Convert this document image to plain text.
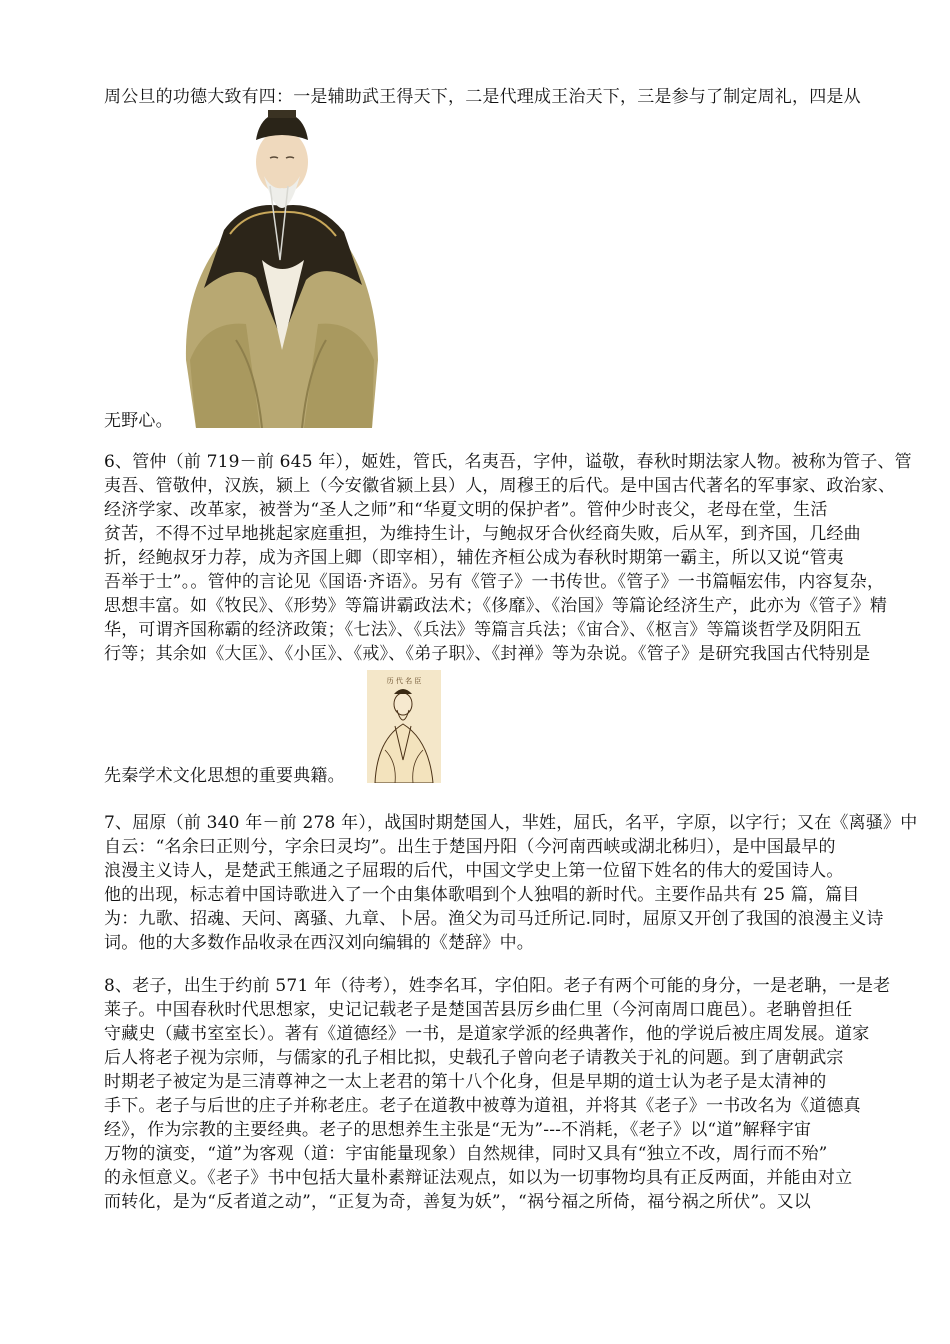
周公旦的功德大致有四：一是辅助武王得天下，二是代理成王治天下，三是参与了制定周礼，四是从
无野心。
6、管仲（前 719－前 645 年），姬姓，管氏，名夷吾，字仲，谥敬，春秋时期法家人物。被称为管子、管
夷吾、管敬仲，汉族，颍上（今安徽省颍上县）人，周穆王的后代。是中国古代著名的军事家、政治家、
经济学家、改革家，被誉为“圣人之师”和“华夏文明的保护者”。管仲少时丧父，老母在堂，生活
贫苦，不得不过早地挑起家庭重担，为维持生计，与鲍叔牙合伙经商失败，后从军，到齐国，几经曲
折，经鲍叔牙力荐，成为齐国上卿（即宰相），辅佐齐桓公成为春秋时期第一霸主，所以又说“管夷
吾举于士”。。管仲的言论见《国语·齐语》。另有《管子》一书传世。《管子》一书篇幅宏伟，内容复杂，
思想丰富。如《牧民》、《形势》等篇讲霸政法术；《侈靡》、《治国》等篇论经济生产，此亦为《管子》精
华，可谓齐国称霸的经济政策；《七法》、《兵法》等篇言兵法；《宙合》、《枢言》等篇谈哲学及阴阳五
行等；其余如《大匡》、《小匡》、《戒》、《弟子职》、《封禅》等为杂说。《管子》是研究我国古代特别是
先秦学术文化思想的重要典籍。
7、屈原（前 340 年－前 278 年），战国时期楚国人，芈姓，屈氏，名平，字原，以字行；又在《离骚》中
自云：“名余曰正则兮，字余曰灵均”。出生于楚国丹阳（今河南西峡或湖北秭归），是中国最早的
浪漫主义诗人，是楚武王熊通之子屈瑕的后代，中国文学史上第一位留下姓名的伟大的爱国诗人。
他的出现，标志着中国诗歌进入了一个由集体歌唱到个人独唱的新时代。主要作品共有 25 篇，篇目
为：九歌、招魂、天问、离骚、九章、卜居。渔父为司马迁所记.同时，屈原又开创了我国的浪漫主义诗
词。他的大多数作品收录在西汉刘向编辑的《楚辞》中。
8、老子，出生于约前 571 年（待考），姓李名耳，字伯阳。老子有两个可能的身分，一是老聃，一是老
莱子。中国春秋时代思想家，史记记载老子是楚国苦县厉乡曲仁里（今河南周口鹿邑）。老聃曾担任
守藏史（藏书室室长）。著有《道德经》一书，是道家学派的经典著作，他的学说后被庄周发展。道家
后人将老子视为宗师，与儒家的孔子相比拟，史载孔子曾向老子请教关于礼的问题。到了唐朝武宗
时期老子被定为是三清尊神之一太上老君的第十八个化身，但是早期的道士认为老子是太清神的
手下。老子与后世的庄子并称老庄。老子在道教中被尊为道祖，并将其《老子》一书改名为《道德真
经》，作为宗教的主要经典。老子的思想养生主张是“无为”---不消耗，《老子》以“道”解释宇宙
万物的演变，“道”为客观（道：宇宙能量现象）自然规律，同时又具有“独立不改，周行而不殆”
的永恒意义。《老子》书中包括大量朴素辩证法观点，如以为一切事物均具有正反两面，并能由对立
而转化，是为“反者道之动”，“正复为奇，善复为妖”，“祸兮福之所倚，福兮祸之所伏”。又以
历 代 名 臣
